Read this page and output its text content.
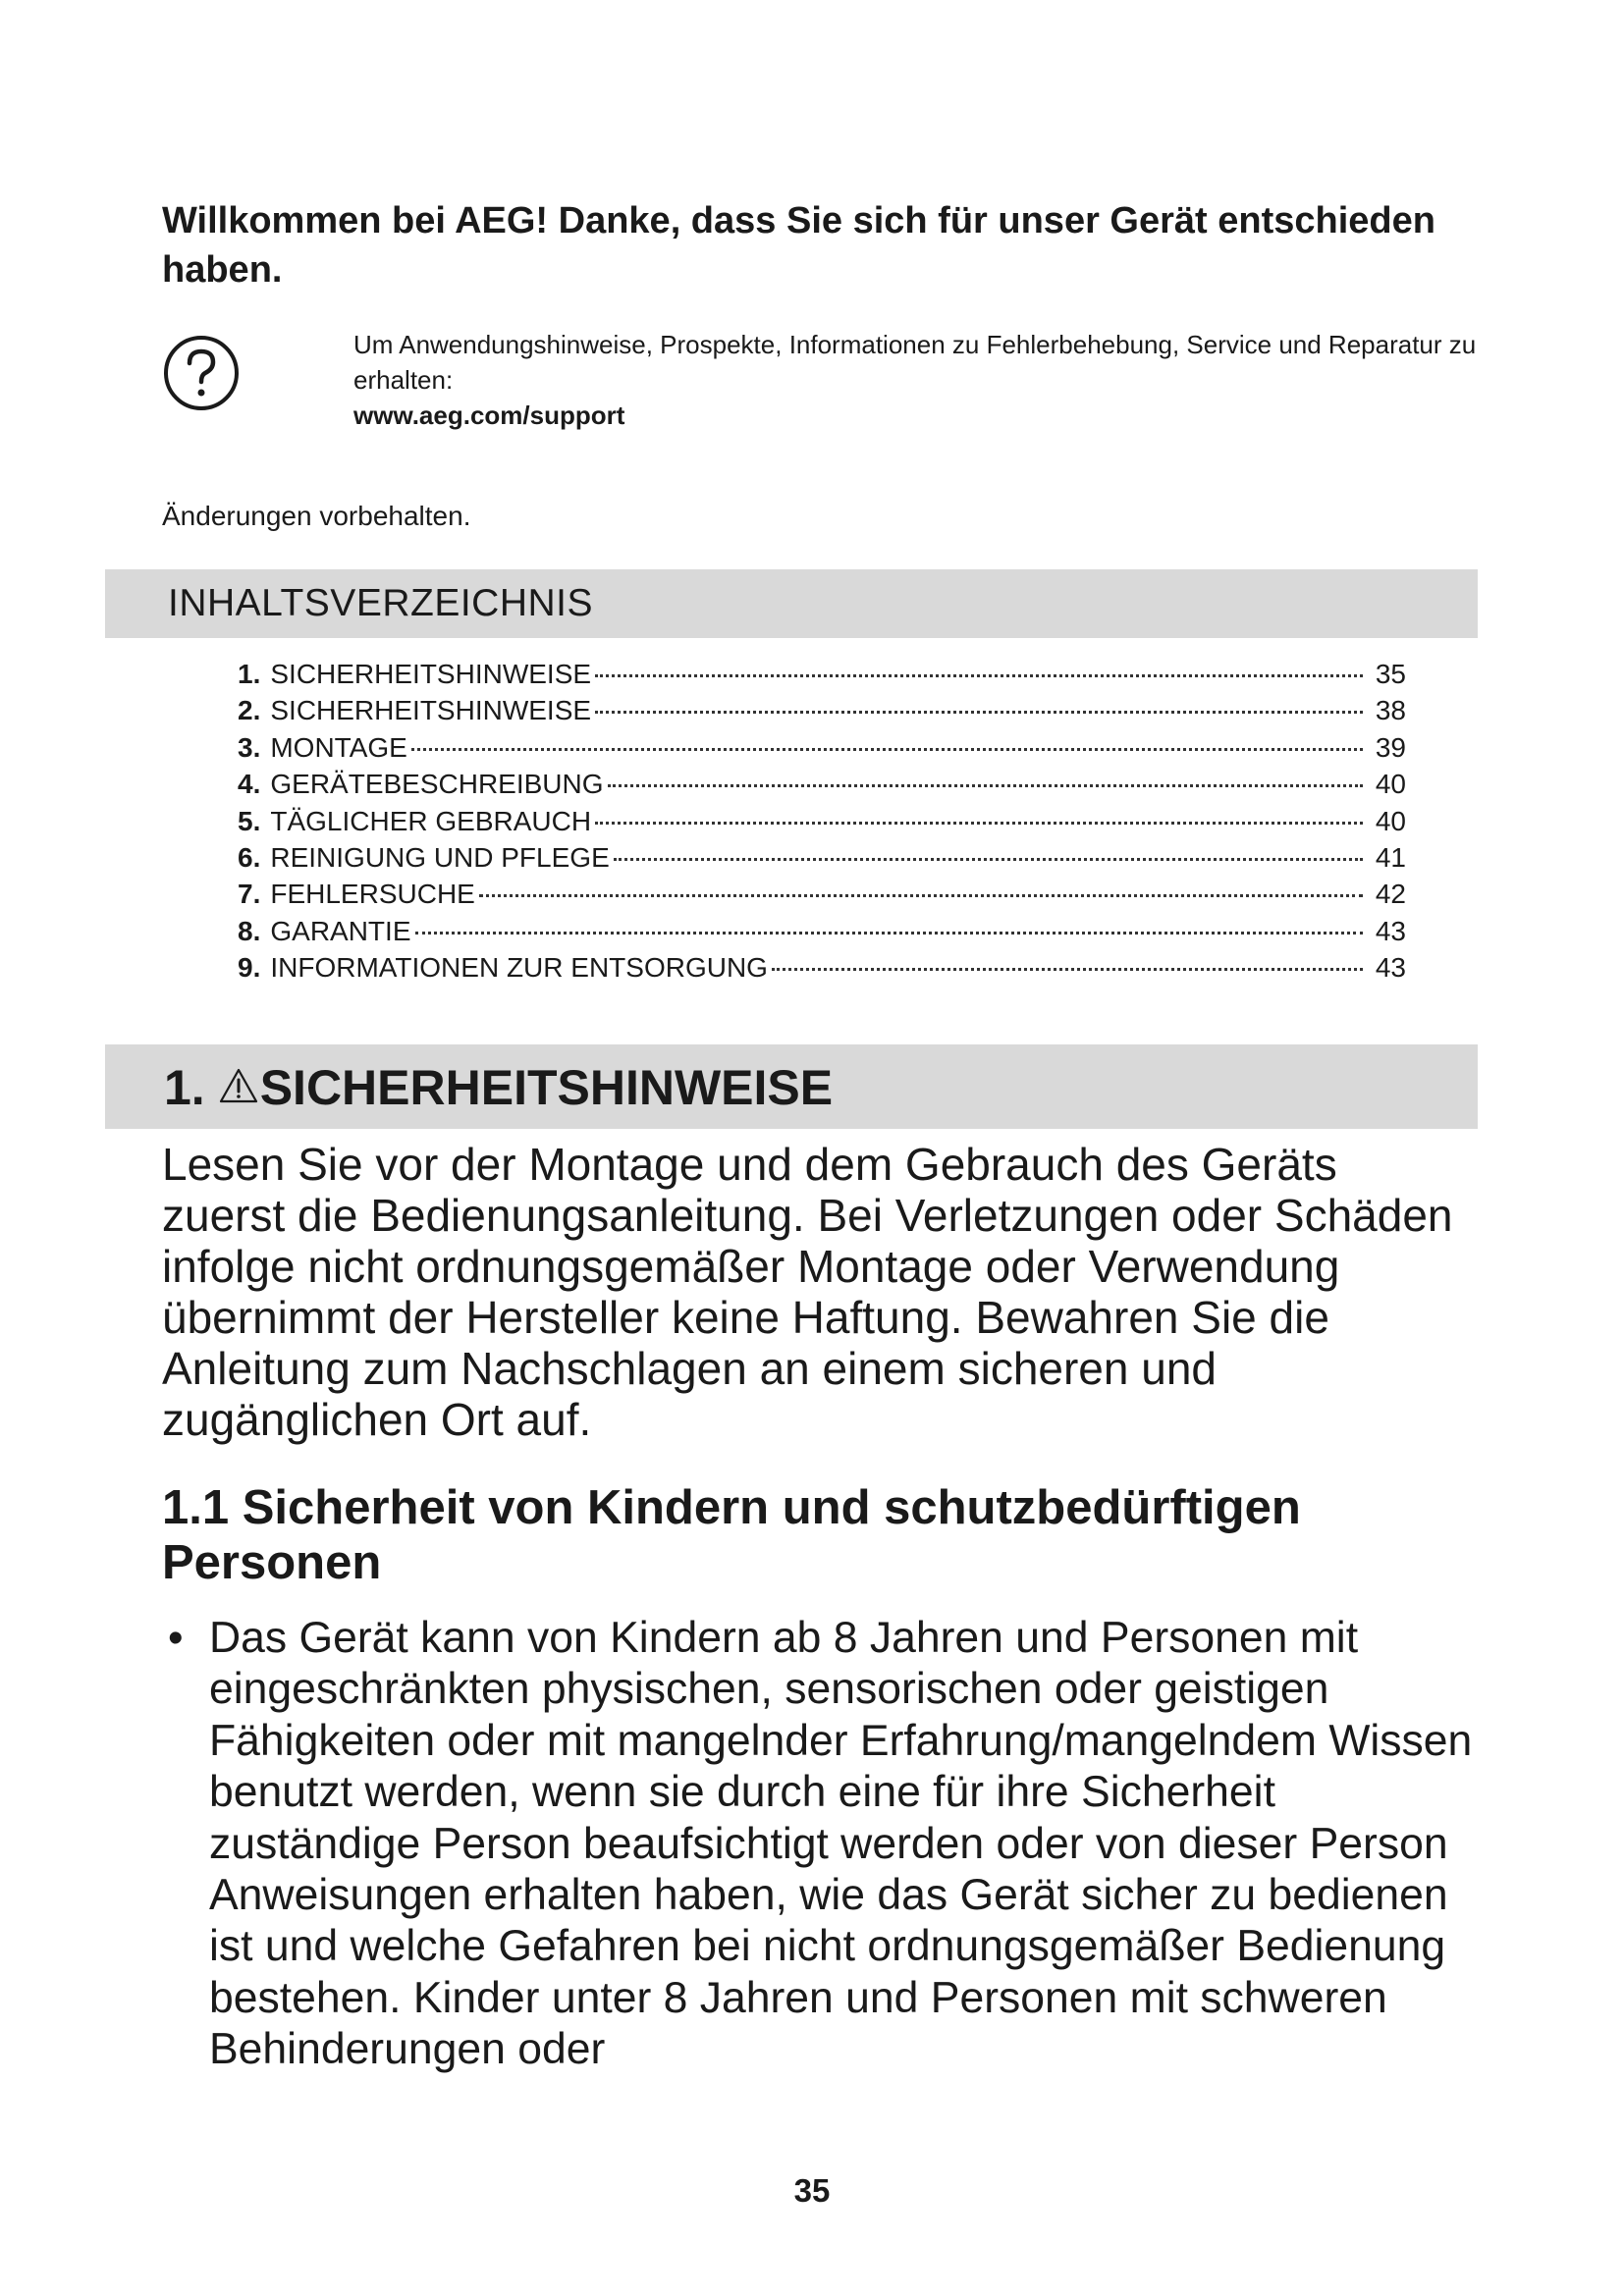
Willkommen bei AEG! Danke, dass Sie sich für unser Gerät entschieden haben.
Um Anwendungshinweise, Prospekte, Informationen zu Fehlerbehebung, Service und Reparatur zu erhalten:
www.aeg.com/support
Änderungen vorbehalten.
INHALTSVERZEICHNIS
1. SICHERHEITSHINWEISE	35
2. SICHERHEITSHINWEISE	38
3. MONTAGE	39
4. GERÄTEBESCHREIBUNG	40
5. TÄGLICHER GEBRAUCH	40
6. REINIGUNG UND PFLEGE	41
7. FEHLERSUCHE	42
8. GARANTIE	43
9. INFORMATIONEN ZUR ENTSORGUNG	43
1. SICHERHEITSHINWEISE

Lesen Sie vor der Montage und dem Gebrauch des Geräts zuerst die Bedienungsanleitung. Bei Verletzungen oder Schäden infolge nicht ordnungsgemäßer Montage oder Verwendung übernimmt der Hersteller keine Haftung. Bewahren Sie die Anleitung zum Nachschlagen an einem sicheren und zugänglichen Ort auf.

1.1 Sicherheit von Kindern und schutzbedürftigen Personen
• Das Gerät kann von Kindern ab 8 Jahren und Personen mit eingeschränkten physischen, sensorischen oder geistigen Fähigkeiten oder mit mangelnder Erfahrung/mangelndem Wissen benutzt werden, wenn sie durch eine für ihre Sicherheit zuständige Person beaufsichtigt werden oder von dieser Person Anweisungen erhalten haben, wie das Gerät sicher zu bedienen ist und welche Gefahren bei nicht ordnungsgemäßer Bedienung bestehen. Kinder unter 8 Jahren und Personen mit schweren Behinderungen oder
35
